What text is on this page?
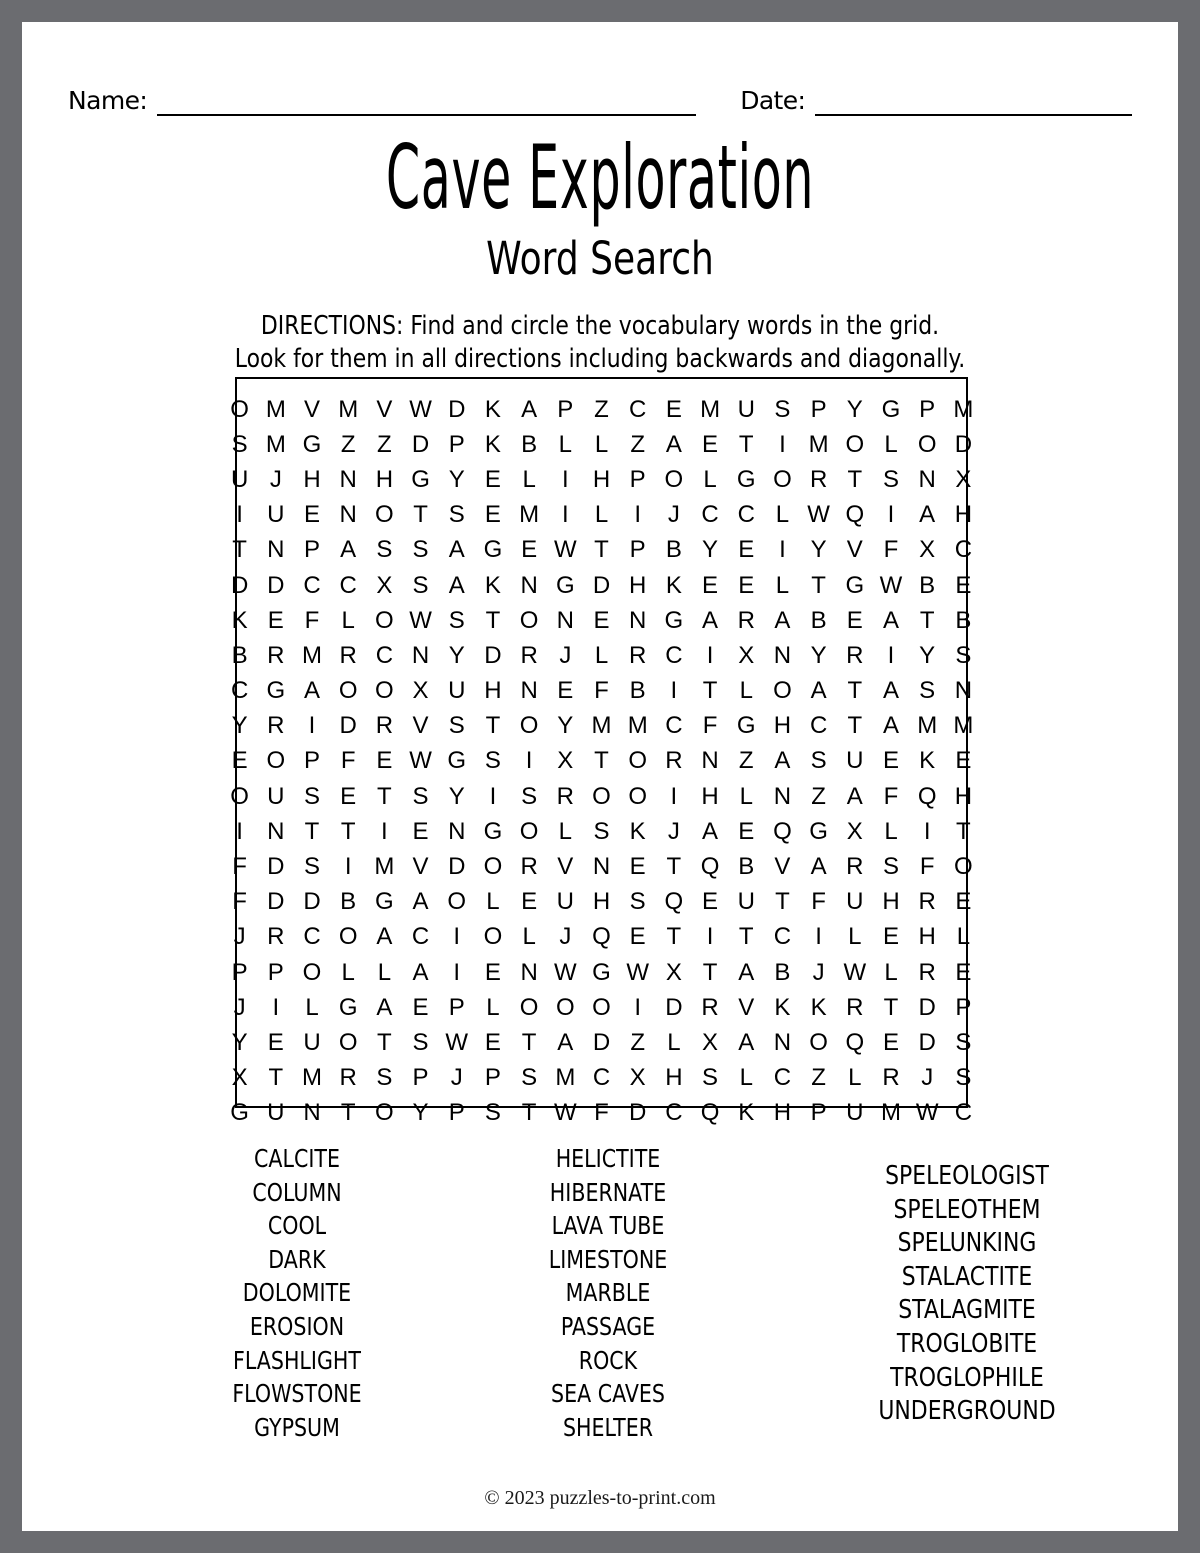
Name:	Date:
Cave Exploration
Word Search
DIRECTIONS: Find and circle the vocabulary words in the grid.
Look for them in all directions including backwards and diagonally.
O M V M V W D K A P Z C E M U S P Y G P M
S M G Z Z D P K B L L Z A E T	I M O L O D
U J H N H G Y E L	I	H P O L G O R T S N X
I	U E N O T S E M I	L	I	J C C L W Q I	A H
T N P A S S A G E W T P B Y E	I	Y V F X C
D D C C X S A K N G D H K E E L T G W B E
K E F L O W S T O N E N G A R A B E A T B
B R M R C N Y D R J L R C	I	X N Y R	I	Y S
C G A O O X U H N E F B	I	T L O A T A S N
Y R	I	D R V S T O Y M M C F G H C T A M M
E O P F E W G S	I	X T O R N Z A S U E K E
O U S E T S Y	I	S R O O I	H L N Z A F Q H
I	N T T	I	E N G O L S K J A E Q G X L	I	T
F D S	I M V D O R V N E T Q B V A R S F O
F D D B G A O L E U H S Q E U T F U H R E
J R C O A C	I O L J Q E T	I	T C	I	L E H L
P P O L L A	I	E N W G W X T A B J W L R E
J	I	L G A E P L O O O I	D R V K K R T D P
Y E U O T S W E T A D Z L X A N O Q E D S
X T M R S P J P S M C X H S L C Z L R J S
G U N T O Y P S T W F D C Q K H P U M W C
CALCITE
COLUMN
COOL
DARK
DOLOMITE
EROSION
FLASHLIGHT
FLOWSTONE
GYPSUM
HELICTITE
HIBERNATE
LAVA TUBE
LIMESTONE
MARBLE
PASSAGE
ROCK
SEA CAVES
SHELTER
SPELEOLOGIST
SPELEOTHEM
SPELUNKING
STALACTITE
STALAGMITE
TROGLOBITE
TROGLOPHILE
UNDERGROUND
© 2023 puzzles-to-print.com
